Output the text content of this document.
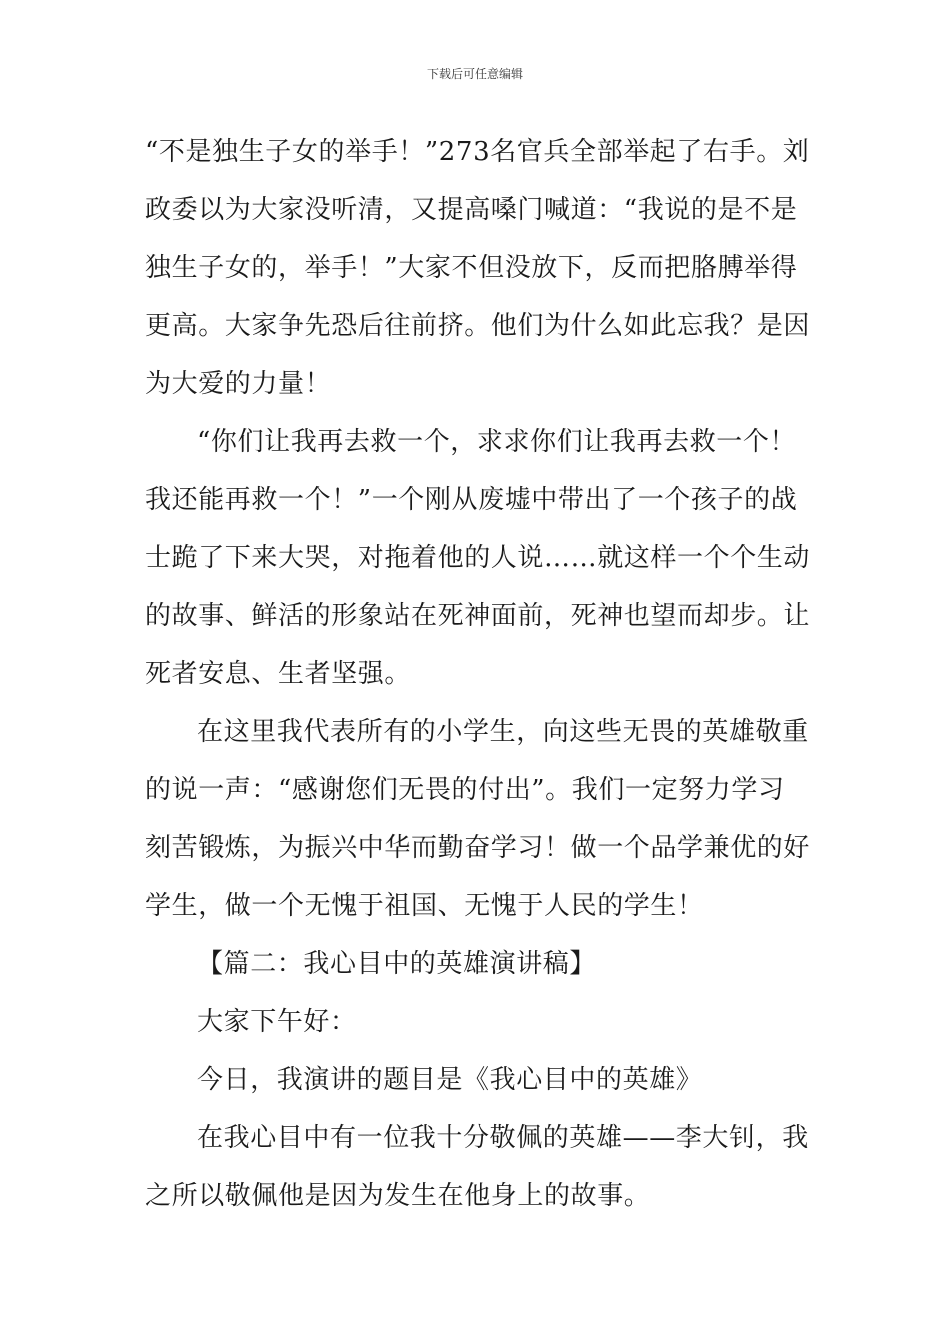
下载后可任意编辑
“不是独生子女的举手！”273名官兵全部举起了右手。刘
政委以为大家没听清，又提高嗓门喊道：“我说的是不是
独生子女的，举手！”大家不但没放下，反而把胳膊举得
更高。大家争先恐后往前挤。他们为什么如此忘我？是因
为大爱的力量！
“你们让我再去救一个，求求你们让我再去救一个！
我还能再救一个！”一个刚从废墟中带出了一个孩子的战
士跪了下来大哭，对拖着他的人说……就这样一个个生动
的故事、鲜活的形象站在死神面前，死神也望而却步。让
死者安息、生者坚强。
在这里我代表所有的小学生，向这些无畏的英雄敬重
的说一声：“感谢您们无畏的付出”。我们一定努力学习
刻苦锻炼，为振兴中华而勤奋学习！做一个品学兼优的好
学生，做一个无愧于祖国、无愧于人民的学生！
【篇二：我心目中的英雄演讲稿】
大家下午好：
今日，我演讲的题目是《我心目中的英雄》
在我心目中有一位我十分敬佩的英雄——李大钊，我
之所以敬佩他是因为发生在他身上的故事。
